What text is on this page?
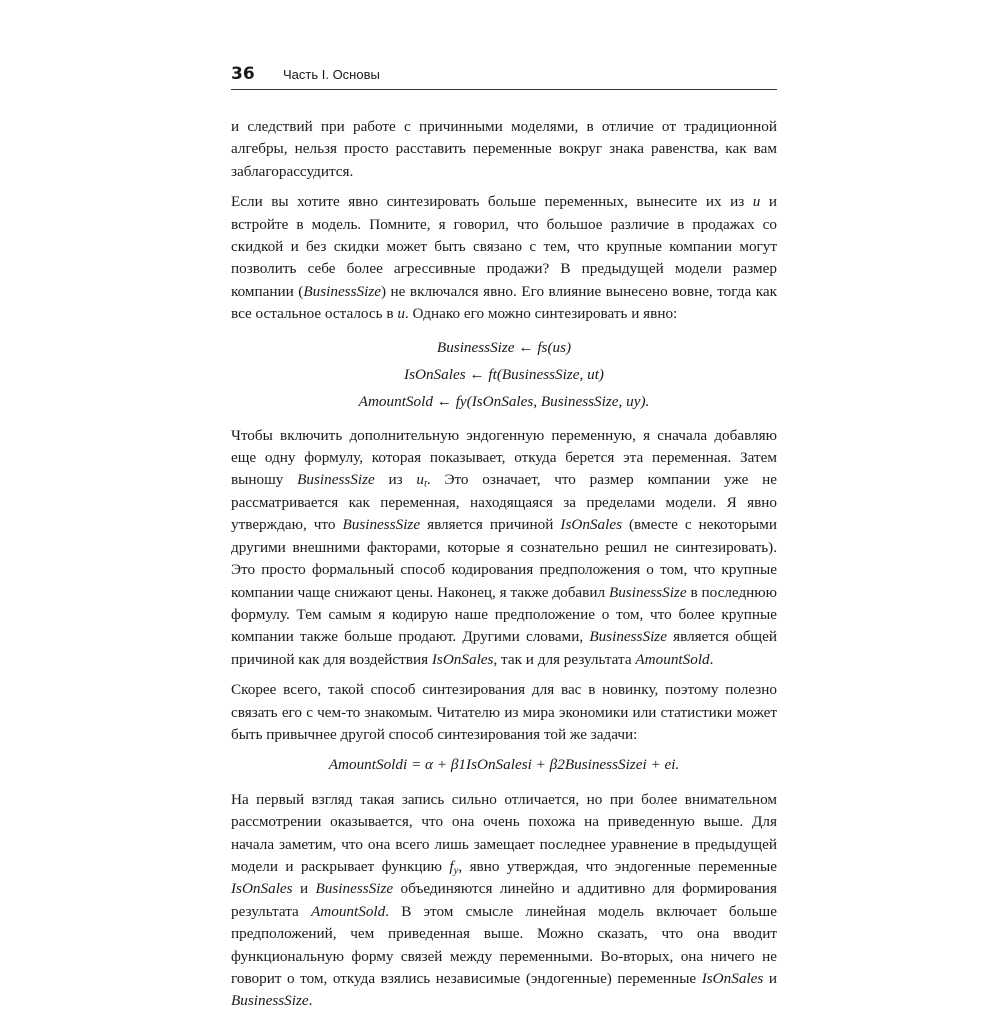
36 Часть I. Основы

и следствий при работе с причинными моделями, в отличие от традиционной алгебры, нельзя просто расставить переменные вокруг знака равенства, как вам заблагорассудится.

Если вы хотите явно синтезировать больше переменных, вынесите их из u и встройте в модель. Помните, я говорил, что большое различие в продажах со скидкой и без скидки может быть связано с тем, что крупные компании могут позволить себе более агрессивные продажи? В предыдущей модели размер компании (BusinessSize) не включался явно. Его влияние вынесено вовне, тогда как все остальное осталось в u. Однако его можно синтезировать и явно:

BusinessSize ← fs(us)
IsOnSales ← ft(BusinessSize, ut)
AmountSold ← fy(IsOnSales, BusinessSize, uy).

Чтобы включить дополнительную эндогенную переменную, я сначала добавляю еще одну формулу, которая показывает, откуда берется эта переменная. Затем выношу BusinessSize из $u_t$. Это означает, что размер компании уже не рассматривается как переменная, находящаяся за пределами модели. Я явно утверждаю, что BusinessSize является причиной IsOnSales (вместе с некоторыми другими внешними факторами, которые я сознательно решил не синтезировать). Это просто формальный способ кодирования предположения о том, что крупные компании чаще снижают цены. Наконец, я также добавил BusinessSize в последнюю формулу. Тем самым я кодирую наше предположение о том, что более крупные компании также больше продают. Другими словами, BusinessSize является общей причиной как для воздействия IsOnSales, так и для результата AmountSold.

Скорее всего, такой способ синтезирования для вас в новинку, поэтому полезно связать его с чем-то знакомым. Читателю из мира экономики или статистики может быть привычнее другой способ синтезирования той же задачи:

AmountSoldi = α + β1IsOnSalesi + β2BusinessSizei + ei.

На первый взгляд такая запись сильно отличается, но при более внимательном рассмотрении оказывается, что она очень похожа на приведенную выше. Для начала заметим, что она всего лишь замещает последнее уравнение в предыдущей модели и раскрывает функцию $f_y$, явно утверждая, что эндогенные переменные IsOnSales и BusinessSize объединяются линейно и аддитивно для формирования результата AmountSold. В этом смысле линейная модель включает больше предположений, чем приведенная выше. Можно сказать, что она вводит функциональную форму связей между переменными. Во-вторых, она ничего не говорит о том, откуда взялись независимые (эндогенные) переменные IsOnSales и BusinessSize.
